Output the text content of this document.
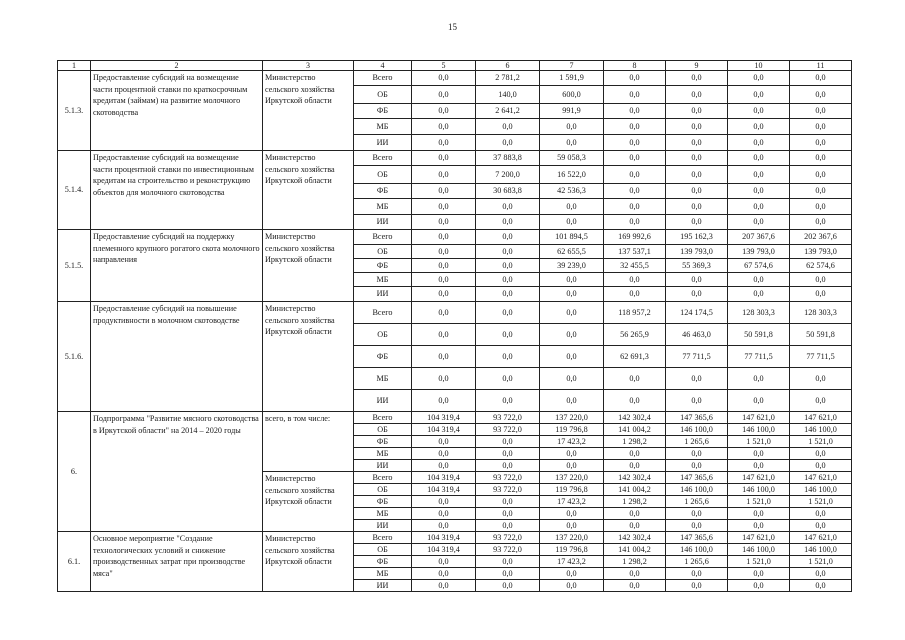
15
1	2	3	4	5	6	7	8	9	10	11
5.1.3.	Предоставление субсидий на возмещение части процентной ставки по краткосрочным кредитам (займам) на развитие молочного скотоводства	Министерство сельского хозяйства Иркутской области	Всего	0,0	2 781,2	1 591,9	0,0	0,0	0,0	0,0
			ОБ	0,0	140,0	600,0	0,0	0,0	0,0	0,0
			ФБ	0,0	2 641,2	991,9	0,0	0,0	0,0	0,0
			МБ	0,0	0,0	0,0	0,0	0,0	0,0	0,0
			ИИ	0,0	0,0	0,0	0,0	0,0	0,0	0,0
5.1.4.	Предоставление субсидий на возмещение части процентной ставки по инвестиционным кредитам на строительство и реконструкцию объектов для молочного скотоводства	Министерство сельского хозяйства Иркутской области	Всего	0,0	37 883,8	59 058,3	0,0	0,0	0,0	0,0
			ОБ	0,0	7 200,0	16 522,0	0,0	0,0	0,0	0,0
			ФБ	0,0	30 683,8	42 536,3	0,0	0,0	0,0	0,0
			МБ	0,0	0,0	0,0	0,0	0,0	0,0	0,0
			ИИ	0,0	0,0	0,0	0,0	0,0	0,0	0,0
5.1.5.	Предоставление субсидий на поддержку племенного крупного рогатого скота молочного направления	Министерство сельского хозяйства Иркутской области	Всего	0,0	0,0	101 894,5	169 992,6	195 162,3	207 367,6	202 367,6
			ОБ	0,0	0,0	62 655,5	137 537,1	139 793,0	139 793,0	139 793,0
			ФБ	0,0	0,0	39 239,0	32 455,5	55 369,3	67 574,6	62 574,6
			МБ	0,0	0,0	0,0	0,0	0,0	0,0	0,0
			ИИ	0,0	0,0	0,0	0,0	0,0	0,0	0,0
5.1.6.	Предоставление субсидий на повышение продуктивности в молочном скотоводстве	Министерство сельского хозяйства Иркутской области	Всего	0,0	0,0	0,0	118 957,2	124 174,5	128 303,3	128 303,3
			ОБ	0,0	0,0	0,0	56 265,9	46 463,0	50 591,8	50 591,8
			ФБ	0,0	0,0	0,0	62 691,3	77 711,5	77 711,5	77 711,5
			МБ	0,0	0,0	0,0	0,0	0,0	0,0	0,0
			ИИ	0,0	0,0	0,0	0,0	0,0	0,0	0,0
6.	Подпрограмма "Развитие мясного скотоводства в Иркутской области" на 2014 – 2020 годы	всего, в том числе:	Всего	104 319,4	93 722,0	137 220,0	142 302,4	147 365,6	147 621,0	147 621,0
			ОБ	104 319,4	93 722,0	119 796,8	141 004,2	146 100,0	146 100,0	146 100,0
			ФБ	0,0	0,0	17 423,2	1 298,2	1 265,6	1 521,0	1 521,0
			МБ	0,0	0,0	0,0	0,0	0,0	0,0	0,0
			ИИ	0,0	0,0	0,0	0,0	0,0	0,0	0,0
		Министерство сельского хозяйства Иркутской области	Всего	104 319,4	93 722,0	137 220,0	142 302,4	147 365,6	147 621,0	147 621,0
			ОБ	104 319,4	93 722,0	119 796,8	141 004,2	146 100,0	146 100,0	146 100,0
			ФБ	0,0	0,0	17 423,2	1 298,2	1 265,6	1 521,0	1 521,0
			МБ	0,0	0,0	0,0	0,0	0,0	0,0	0,0
			ИИ	0,0	0,0	0,0	0,0	0,0	0,0	0,0
6.1.	Основное мероприятие "Создание технологических условий и снижение производственных затрат при производстве мяса"	Министерство сельского хозяйства Иркутской области	Всего	104 319,4	93 722,0	137 220,0	142 302,4	147 365,6	147 621,0	147 621,0
			ОБ	104 319,4	93 722,0	119 796,8	141 004,2	146 100,0	146 100,0	146 100,0
			ФБ	0,0	0,0	17 423,2	1 298,2	1 265,6	1 521,0	1 521,0
			МБ	0,0	0,0	0,0	0,0	0,0	0,0	0,0
			ИИ	0,0	0,0	0,0	0,0	0,0	0,0	0,0
